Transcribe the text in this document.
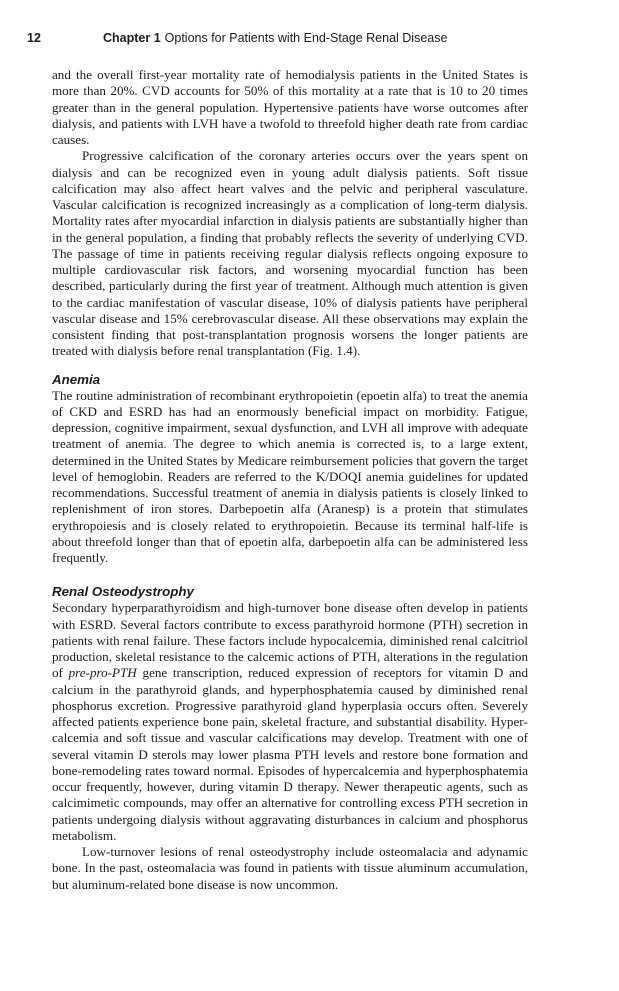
12	Chapter 1 Options for Patients with End-Stage Renal Disease

and the overall first-year mortality rate of hemodialysis patients in the United States is more than 20%. CVD accounts for 50% of this mortality at a rate that is 10 to 20 times greater than in the general population. Hypertensive patients have worse outcomes after dialysis, and patients with LVH have a twofold to threefold higher death rate from cardiac causes.

Progressive calcification of the coronary arteries occurs over the years spent on dialysis and can be recognized even in young adult dialysis patients. Soft tissue calcification may also affect heart valves and the pelvic and peripheral vasculature. Vascular calcification is recognized increasingly as a complication of long-term dialysis. Mortality rates after myocardial infarction in dialysis patients are substantially higher than in the general population, a finding that probably reflects the severity of underlying CVD. The passage of time in patients receiving regular dialysis reflects ongoing exposure to multiple cardiovascular risk factors, and worsening myocardial function has been described, particularly during the first year of treatment. Although much attention is given to the cardiac manifestation of vascular disease, 10% of dialysis patients have peripheral vascular disease and 15% cerebrovascular disease. All these observations may explain the consistent finding that post-transplantation prognosis worsens the longer patients are treated with dialysis before renal transplantation (Fig. 1.4).

Anemia

The routine administration of recombinant erythropoietin (epoetin alfa) to treat the anemia of CKD and ESRD has had an enormously beneficial impact on morbidity. Fatigue, depression, cognitive impairment, sexual dysfunction, and LVH all improve with adequate treatment of anemia. The degree to which anemia is corrected is, to a large extent, determined in the United States by Medicare reimbursement policies that govern the target level of hemoglobin. Readers are referred to the K/DOQI anemia guidelines for updated recommendations. Successful treatment of anemia in dialysis patients is closely linked to replenishment of iron stores. Darbepoetin alfa (Aranesp) is a protein that stimulates erythropoiesis and is closely related to erythropoietin. Because its terminal half-life is about threefold longer than that of epoetin alfa, darbepoetin alfa can be administered less frequently.

Renal Osteodystrophy

Secondary hyperparathyroidism and high-turnover bone disease often develop in patients with ESRD. Several factors contribute to excess parathyroid hormone (PTH) secretion in patients with renal failure. These factors include hypocalcemia, diminished renal calcitriol production, skeletal resistance to the calcemic actions of PTH, alterations in the regulation of pre-pro-PTH gene transcription, reduced expression of receptors for vitamin D and calcium in the parathyroid glands, and hyperphosphatemia caused by diminished renal phosphorus excretion. Progressive parathyroid gland hyperplasia occurs often. Severely affected patients experience bone pain, skeletal fracture, and substantial disability. Hypercalcemia and soft tissue and vascular calcifications may develop. Treatment with one of several vitamin D sterols may lower plasma PTH levels and restore bone formation and bone-remodeling rates toward normal. Episodes of hypercalcemia and hyperphosphatemia occur frequently, however, during vitamin D therapy. Newer therapeutic agents, such as calcimimetic compounds, may offer an alternative for controlling excess PTH secretion in patients undergoing dialysis without aggravating disturbances in calcium and phosphorus metabolism.

Low-turnover lesions of renal osteodystrophy include osteomalacia and adynamic bone. In the past, osteomalacia was found in patients with tissue aluminum accumulation, but aluminum-related bone disease is now uncommon.
